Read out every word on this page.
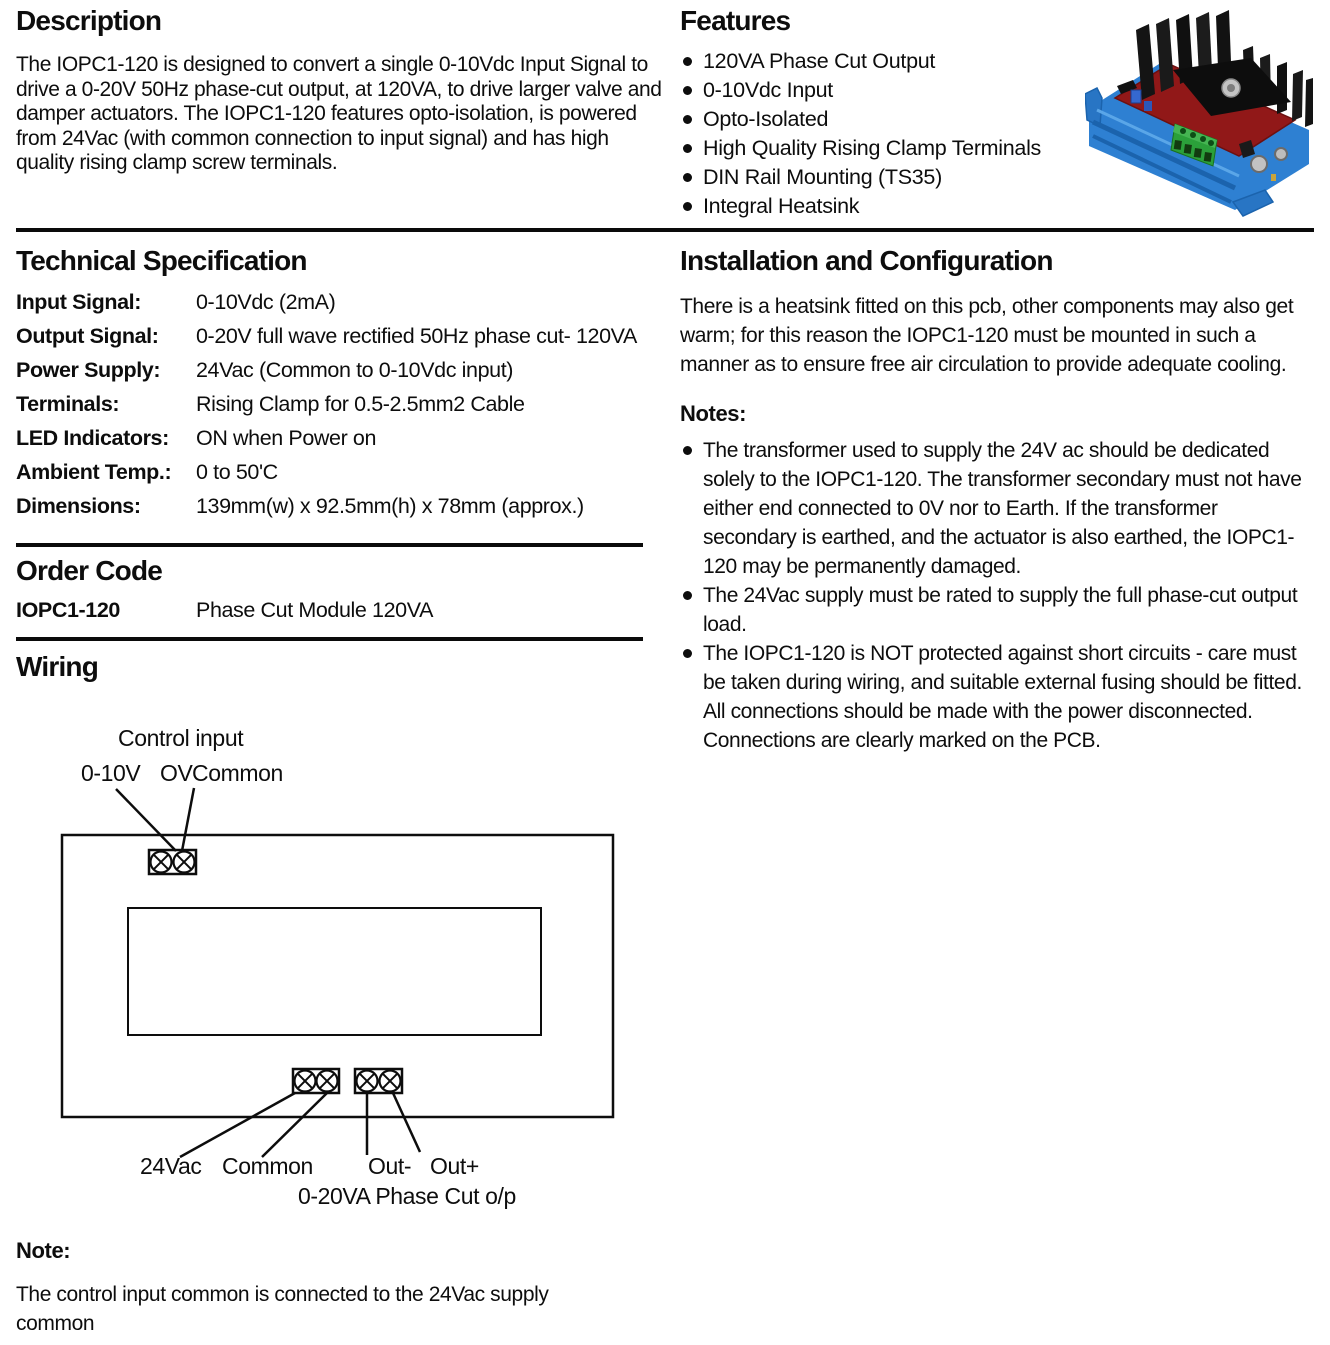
Description
The IOPC1-120 is designed to convert a single 0-10Vdc Input Signal to drive a 0-20V 50Hz phase-cut output, at 120VA, to drive larger valve and damper actuators. The IOPC1-120 features opto-isolation, is powered from 24Vac (with common connection to input signal) and has high quality rising clamp screw terminals.
Features
120VA Phase Cut Output
0-10Vdc Input
Opto-Isolated
High Quality Rising Clamp Terminals
DIN Rail Mounting (TS35)
Integral Heatsink
Technical Specification
Input Signal:	0-10Vdc (2mA)
Output Signal:	0-20V full wave rectified 50Hz phase cut- 120VA
Power Supply:	24Vac (Common to 0-10Vdc input)
Terminals:	Rising Clamp for 0.5-2.5mm2 Cable
LED Indicators:	ON when Power on
Ambient Temp.:	0 to 50'C
Dimensions:	139mm(w) x 92.5mm(h) x 78mm (approx.)
Order Code
IOPC1-120	Phase Cut Module 120VA
Installation and Configuration
There is a heatsink fitted on this pcb, other components may also get warm; for this reason the IOPC1-120 must be mounted in such a manner as to ensure free air circulation to provide adequate cooling.
Notes:
The transformer used to supply the 24V ac should be dedicated solely to the IOPC1-120. The transformer secondary must not have either end connected to 0V nor to Earth. If the transformer secondary is earthed, and the actuator is also earthed, the IOPC1-120 may be permanently damaged.
The 24Vac supply must be rated to supply the full phase-cut output load.
The IOPC1-120 is NOT protected against short circuits - care must be taken during wiring, and suitable external fusing should be fitted. All connections should be made with the power disconnected. Connections are clearly marked on the PCB.
Wiring
Control input
0-10V OV Common
24Vac Common Out- Out+
0-20VA Phase Cut o/p
Note:
The control input common is connected to the 24Vac supply common
